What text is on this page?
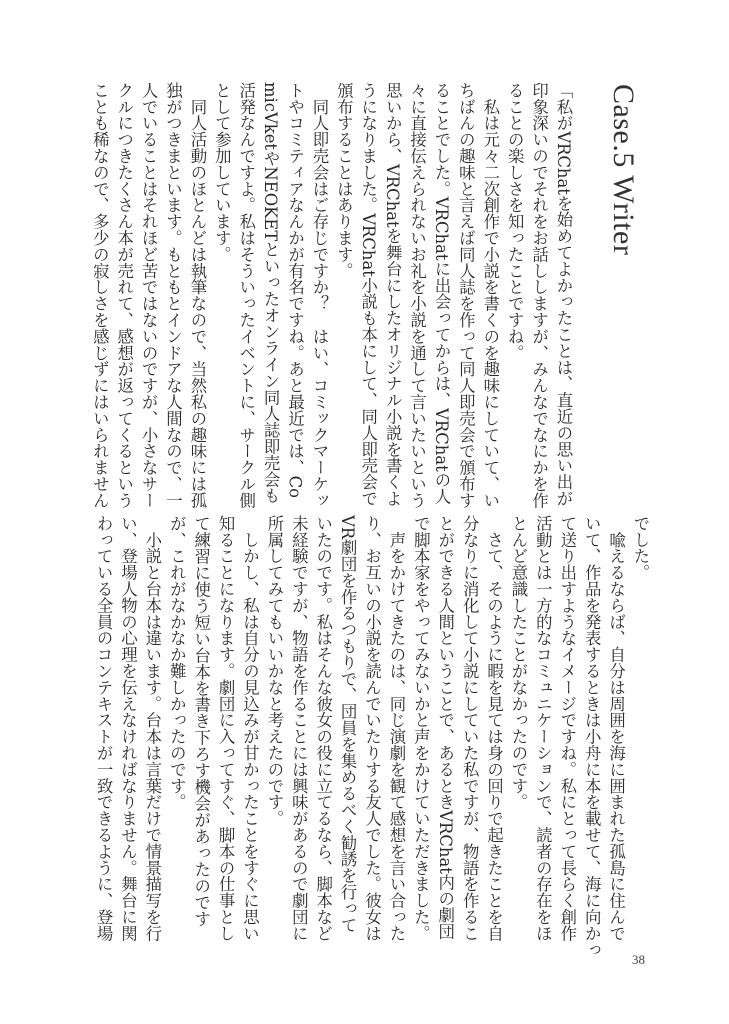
Case.5 Writer
「私がVRChatを始めてよかったことは、直近の思い出が
印象深いのでそれをお話ししますが、みんなでなにかを作
ることの楽しさを知ったことですね。
　私は元々二次創作で小説を書くのを趣味にしていて、い
ちばんの趣味と言えば同人誌を作って同人即売会で頒布す
ることでした。VRChatに出会ってからは、VRChatの人
々に直接伝えられないお礼を小説を通して言いたいという
思いから、VRChatを舞台にしたオリジナル小説を書くよ
うになりました。VRChat小説も本にして、同人即売会で
頒布することはあります。
　同人即売会はご存じですか？　はい、コミックマーケッ
トやコミティアなんかが有名ですね。あと最近では、Co
micVketやNEOKETといったオンライン同人誌即売会も
活発なんですよ。私はそういったイベントに、サークル側
として参加しています。
　同人活動のほとんどは執筆なので、当然私の趣味には孤
独がつきまといます。もともとインドアな人間なので、一
人でいることはそれほど苦ではないのですが、小さなサー
クルにつきたくさん本が売れて、感想が返ってくるという
ことも稀なので、多少の寂しさを感じずにはいられません
でした。
　喩えるならば、自分は周囲を海に囲まれた孤島に住んで
いて、作品を発表するときは小舟に本を載せて、海に向かっ
て送り出すようなイメージですね。私にとって長らく創作
活動とは一方的なコミュニケーションで、読者の存在をほ
とんど意識したことがなかったのです。
　さて、そのように暇を見ては身の回りで起きたことを自
分なりに消化して小説にしていた私ですが、物語を作るこ
とができる人間ということで、あるときVRChat内の劇団
で脚本家をやってみないかと声をかけていただきました。
　声をかけてきたのは、同じ演劇を観て感想を言い合った
り、お互いの小説を読んでいたりする友人でした。彼女は
VR劇団を作るつもりで、団員を集めるべく勧誘を行って
いたのです。私はそんな彼女の役に立てるなら、脚本など
未経験ですが、物語を作ることには興味があるので劇団に
所属してみてもいいかなと考えたのです。
　しかし、私は自分の見込みが甘かったことをすぐに思い
知ることになります。劇団に入ってすぐ、脚本の仕事とし
て練習に使う短い台本を書き下ろす機会があったのです
が、これがなかなか難しかったのです。
　小説と台本は違います。台本は言葉だけで情景描写を行
い、登場人物の心理を伝えなければなりません。舞台に関
わっている全員のコンテキストが一致できるように、登場
38
